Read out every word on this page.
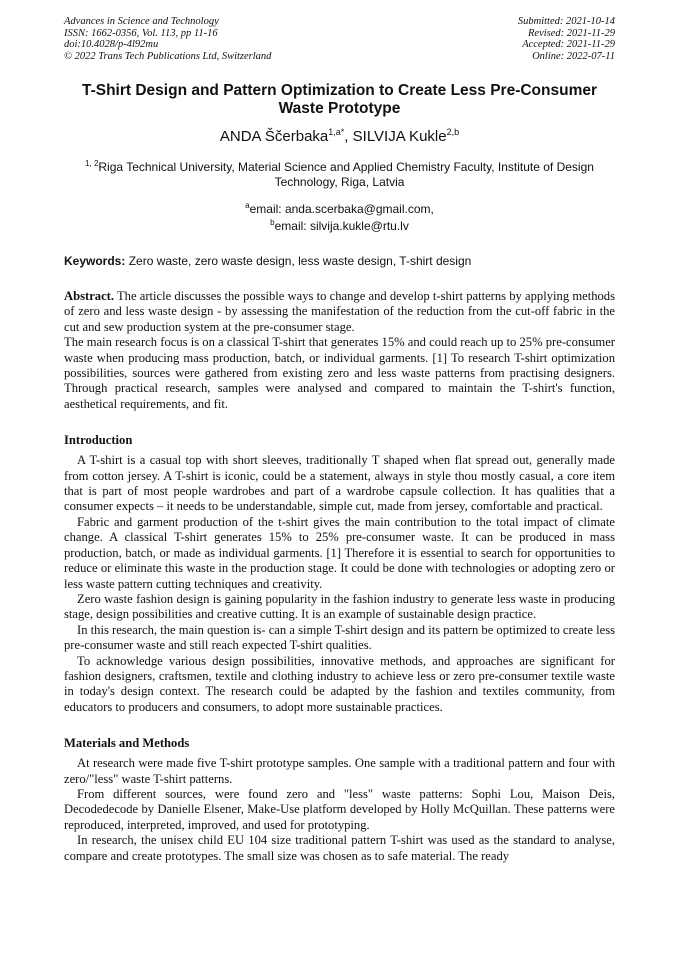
Advances in Science and Technology
ISSN: 1662-0356, Vol. 113, pp 11-16
doi:10.4028/p-4l92mu
© 2022 Trans Tech Publications Ltd, Switzerland
Submitted: 2021-10-14
Revised: 2021-11-29
Accepted: 2021-11-29
Online: 2022-07-11
T-Shirt Design and Pattern Optimization to Create Less Pre-Consumer Waste Prototype
ANDA Ščerbaka$^{1,a*}$, SILVIJA Kukle$^{2,b}$
$^{1, 2}$Riga Technical University, Material Science and Applied Chemistry Faculty, Institute of Design Technology, Riga, Latvia
$^a$email: anda.scerbaka@gmail.com,
$^b$email: silvija.kukle@rtu.lv
Keywords: Zero waste, zero waste design, less waste design, T-shirt design

Abstract. The article discusses the possible ways to change and develop t-shirt patterns by applying methods of zero and less waste design - by assessing the manifestation of the reduction from the cut-off fabric in the cut and sew production system at the pre-consumer stage.

The main research focus is on a classical T-shirt that generates 15% and could reach up to 25% pre-consumer waste when producing mass production, batch, or individual garments. [1] To research T-shirt optimization possibilities, sources were gathered from existing zero and less waste patterns from practising designers. Through practical research, samples were analysed and compared to maintain the T-shirt's function, aesthetical requirements, and fit.

Introduction

A T-shirt is a casual top with short sleeves, traditionally T shaped when flat spread out, generally made from cotton jersey. A T-shirt is iconic, could be a statement, always in style thou mostly casual, a core item that is part of most people wardrobes and part of a wardrobe capsule collection. It has qualities that a consumer expects – it needs to be understandable, simple cut, made from jersey, comfortable and practical.

Fabric and garment production of the t-shirt gives the main contribution to the total impact of climate change. A classical T-shirt generates 15% to 25% pre-consumer waste. It can be produced in mass production, batch, or made as individual garments. [1] Therefore it is essential to search for opportunities to reduce or eliminate this waste in the production stage. It could be done with technologies or adopting zero or less waste pattern cutting techniques and creativity.

Zero waste fashion design is gaining popularity in the fashion industry to generate less waste in producing stage, design possibilities and creative cutting. It is an example of sustainable design practice.

In this research, the main question is- can a simple T-shirt design and its pattern be optimized to create less pre-consumer waste and still reach expected T-shirt qualities.

To acknowledge various design possibilities, innovative methods, and approaches are significant for fashion designers, craftsmen, textile and clothing industry to achieve less or zero pre-consumer textile waste in today's design context. The research could be adapted by the fashion and textiles community, from educators to producers and consumers, to adopt more sustainable practices.

Materials and Methods

At research were made five T-shirt prototype samples. One sample with a traditional pattern and four with zero/"less" waste T-shirt patterns.

From different sources, were found zero and "less" waste patterns: Sophi Lou, Maison Deis, Decodedecode by Danielle Elsener, Make-Use platform developed by Holly McQuillan. These patterns were reproduced, interpreted, improved, and used for prototyping.

In research, the unisex child EU 104 size traditional pattern T-shirt was used as the standard to analyse, compare and create prototypes. The small size was chosen as to safe material. The ready
